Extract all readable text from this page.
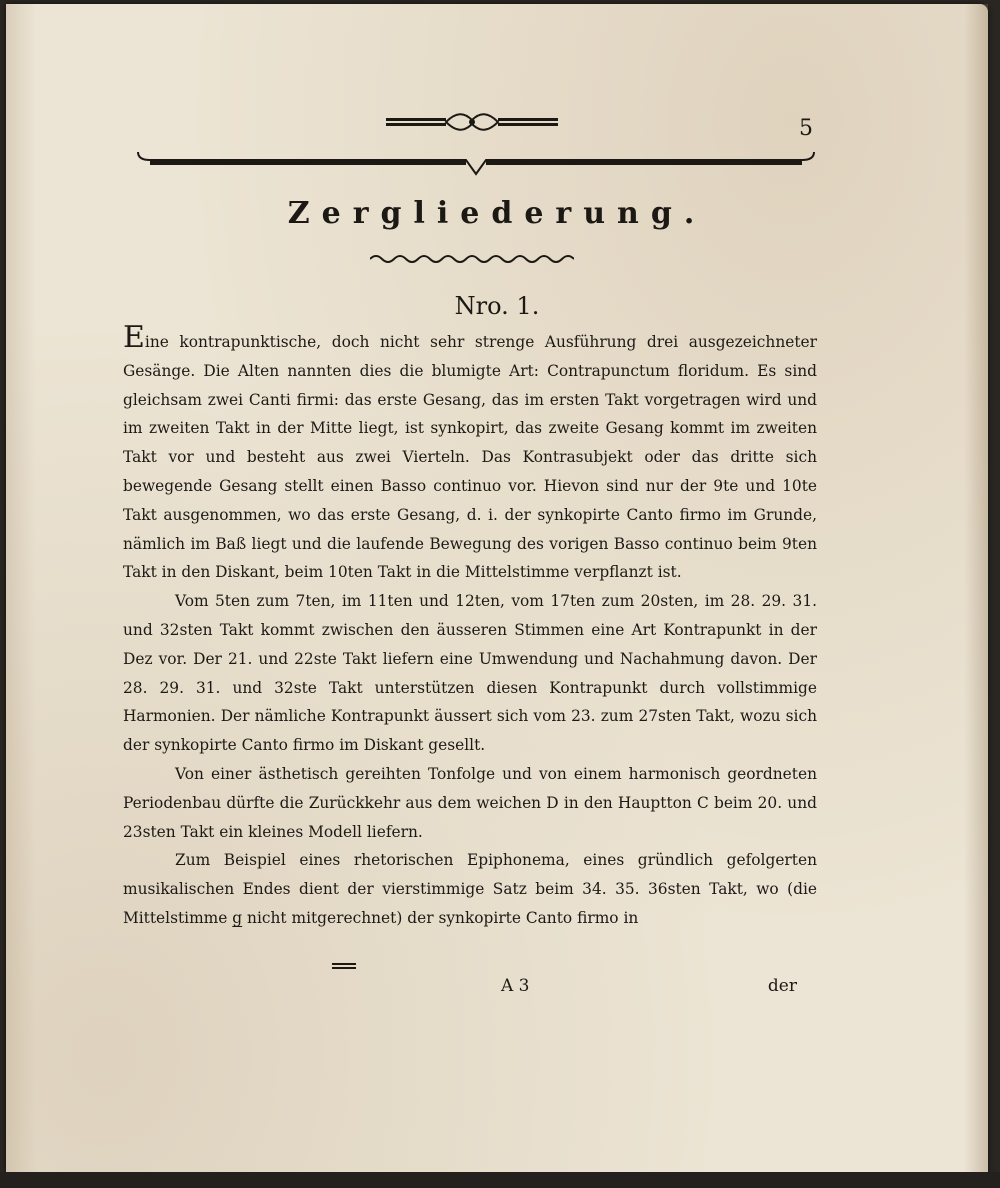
5
Zergliederung.
Nro. 1.

Eine kontrapunktische, doch nicht sehr strenge Ausführung drei ausgezeichneter Gesänge. Die Alten nannten dies die blumigte Art: Contrapunctum floridum. Es sind gleichsam zwei Canti firmi: das erste Gesang, das im ersten Takt vorgetragen wird und im zweiten Takt in der Mitte liegt, ist synkopirt, das zweite Gesang kommt im zweiten Takt vor und besteht aus zwei Vierteln. Das Kontrasubjekt oder das dritte sich bewegende Gesang stellt einen Basso continuo vor. Hievon sind nur der 9te und 10te Takt ausgenommen, wo das erste Gesang, d. i. der synkopirte Canto firmo im Grunde, nämlich im Baß liegt und die laufende Bewegung des vorigen Basso continuo beim 9ten Takt in den Diskant, beim 10ten Takt in die Mittelstimme verpflanzt ist.

Vom 5ten zum 7ten, im 11ten und 12ten, vom 17ten zum 20sten, im 28. 29. 31. und 32sten Takt kommt zwischen den äusseren Stimmen eine Art Kontrapunkt in der Dez vor. Der 21. und 22ste Takt liefern eine Umwendung und Nachahmung davon. Der 28. 29. 31. und 32ste Takt unterstützen diesen Kontrapunkt durch vollstimmige Harmonien. Der nämliche Kontrapunkt äussert sich vom 23. zum 27sten Takt, wozu sich der synkopirte Canto firmo im Diskant gesellt.

Von einer ästhetisch gereihten Tonfolge und von einem harmonisch geordneten Periodenbau dürfte die Zurückkehr aus dem weichen D in den Hauptton C beim 20. und 23sten Takt ein kleines Modell liefern.

Zum Beispiel eines rhetorischen Epiphonema, eines gründlich gefolgerten musikalischen Endes dient der vierstimmige Satz beim 34. 35. 36sten Takt, wo (die Mittelstimme g nicht mitgerechnet) der synkopirte Canto firmo in

A 3	der
